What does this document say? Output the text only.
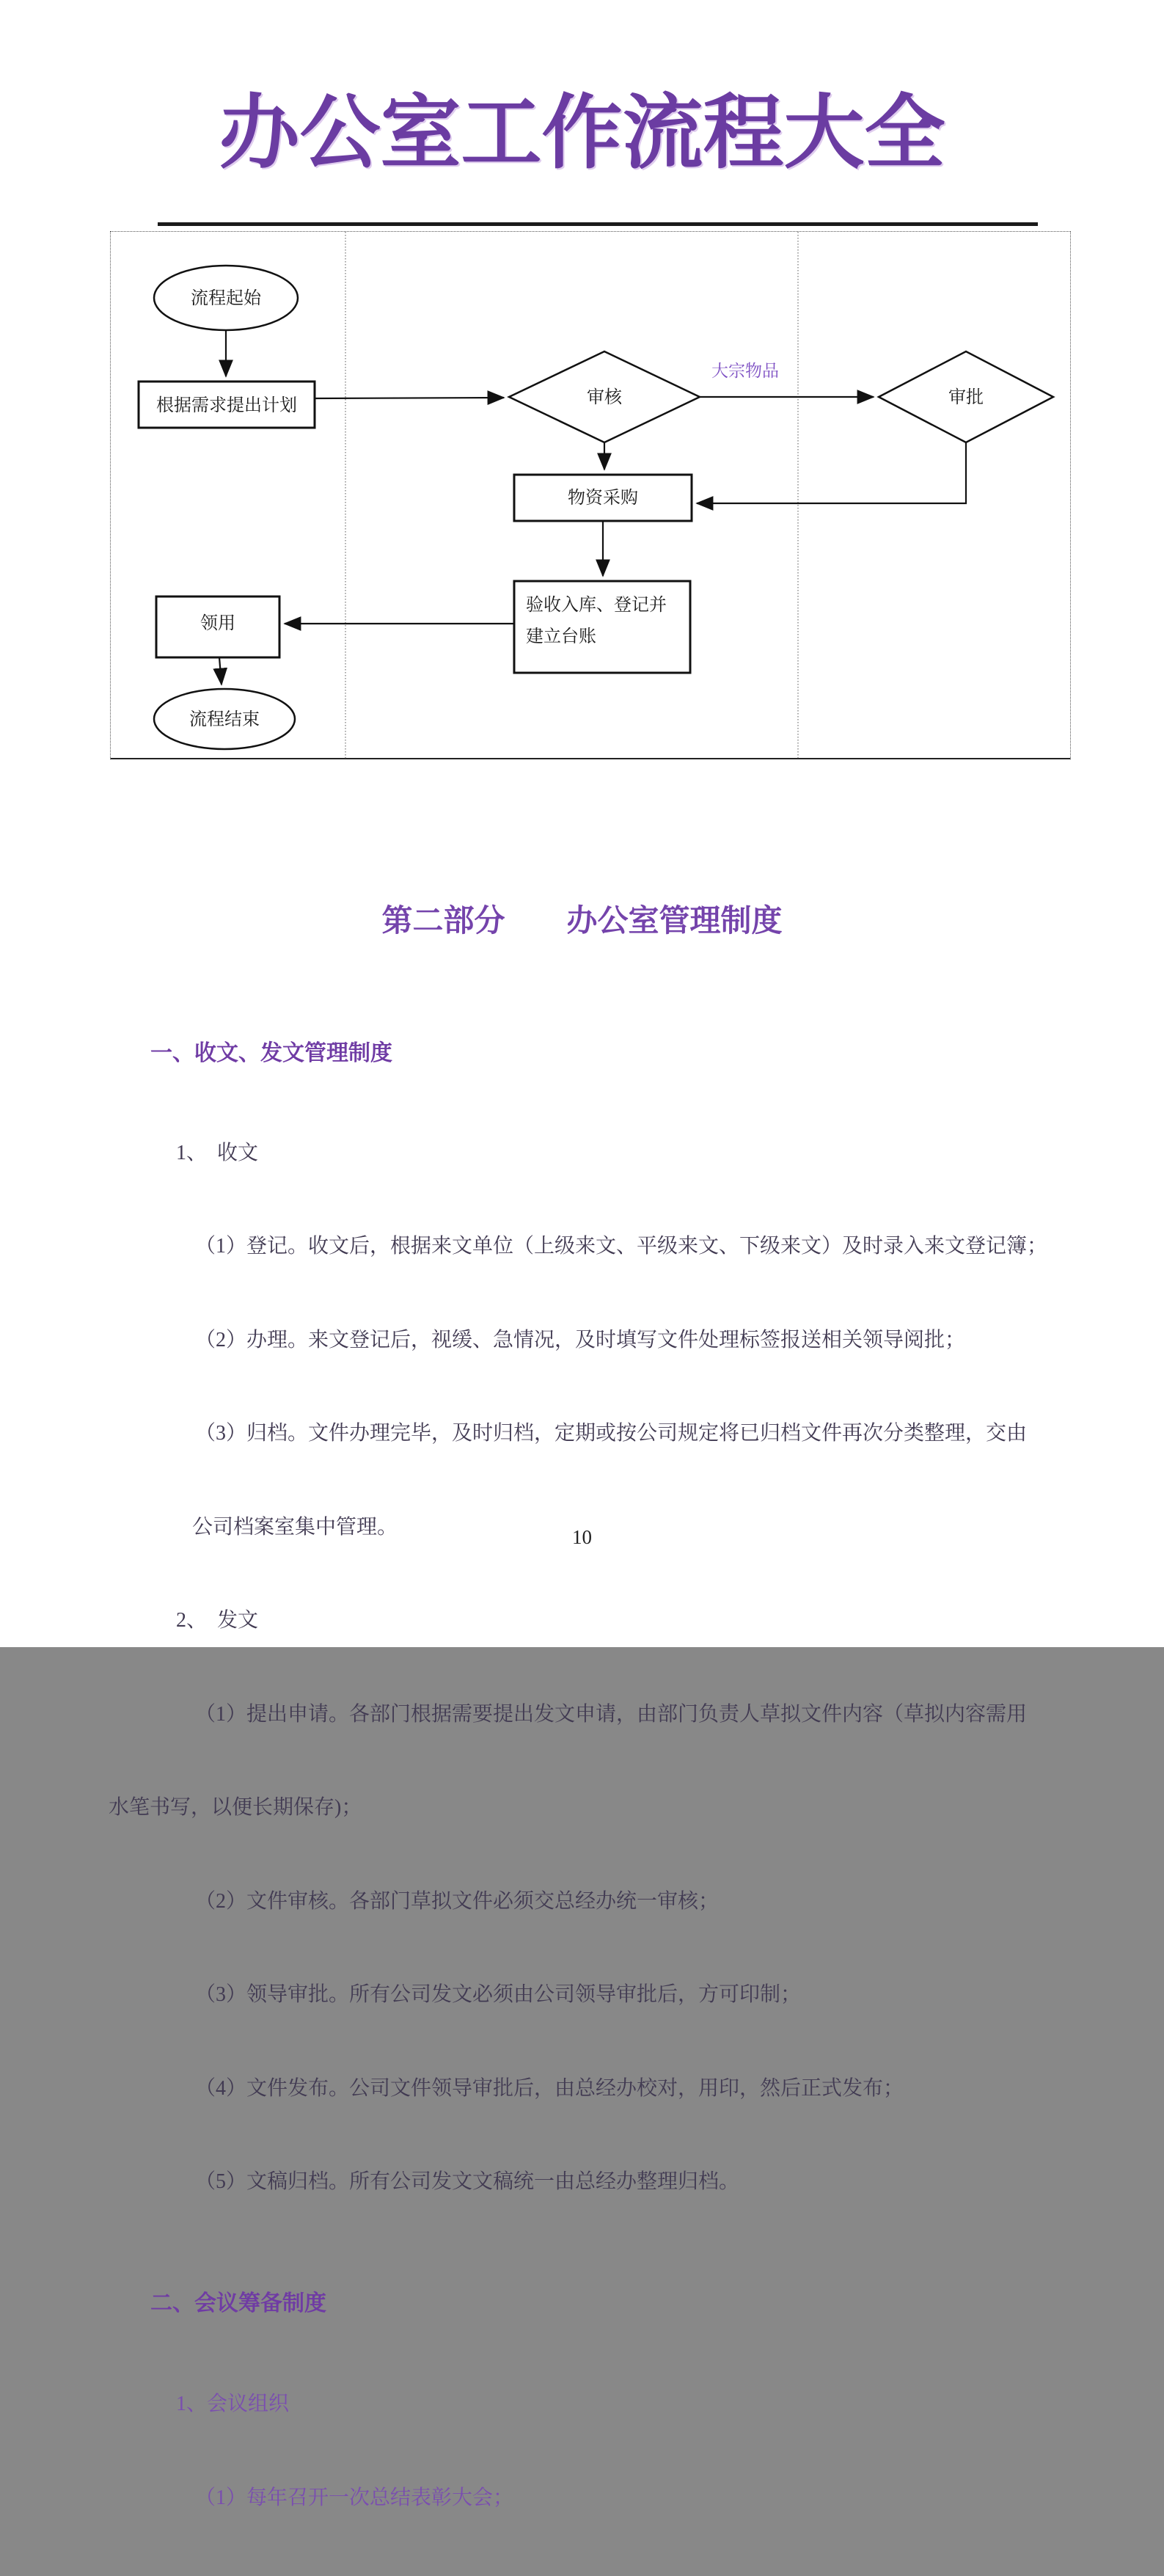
办公室工作流程大全
流程起始
根据需求提出计划	审核
大宗物品
审批
物资采购
验收入库、登记并
建立台账
领用
流程结束
第二部分　　办公室管理制度

一、收文、发文管理制度

1、　收文

（1）登记。收文后，根据来文单位（上级来文、平级来文、下级来文）及时录入来文登记簿；

（2）办理。来文登记后，视缓、急情况，及时填写文件处理标签报送相关领导阅批；

（3）归档。文件办理完毕，及时归档，定期或按公司规定将已归档文件再次分类整理，交由

公司档案室集中管理。

2、　发文

（1）提出申请。各部门根据需要提出发文申请，由部门负责人草拟文件内容（草拟内容需用

水笔书写，以便长期保存)；

（2）文件审核。各部门草拟文件必须交总经办统一审核；

（3）领导审批。所有公司发文必须由公司领导审批后，方可印制；

（4）文件发布。公司文件领导审批后，由总经办校对，用印，然后正式发布；

（5）文稿归档。所有公司发文文稿统一由总经办整理归档。

二、会议筹备制度

1、会议组织

（1）每年召开一次总结表彰大会；

10
